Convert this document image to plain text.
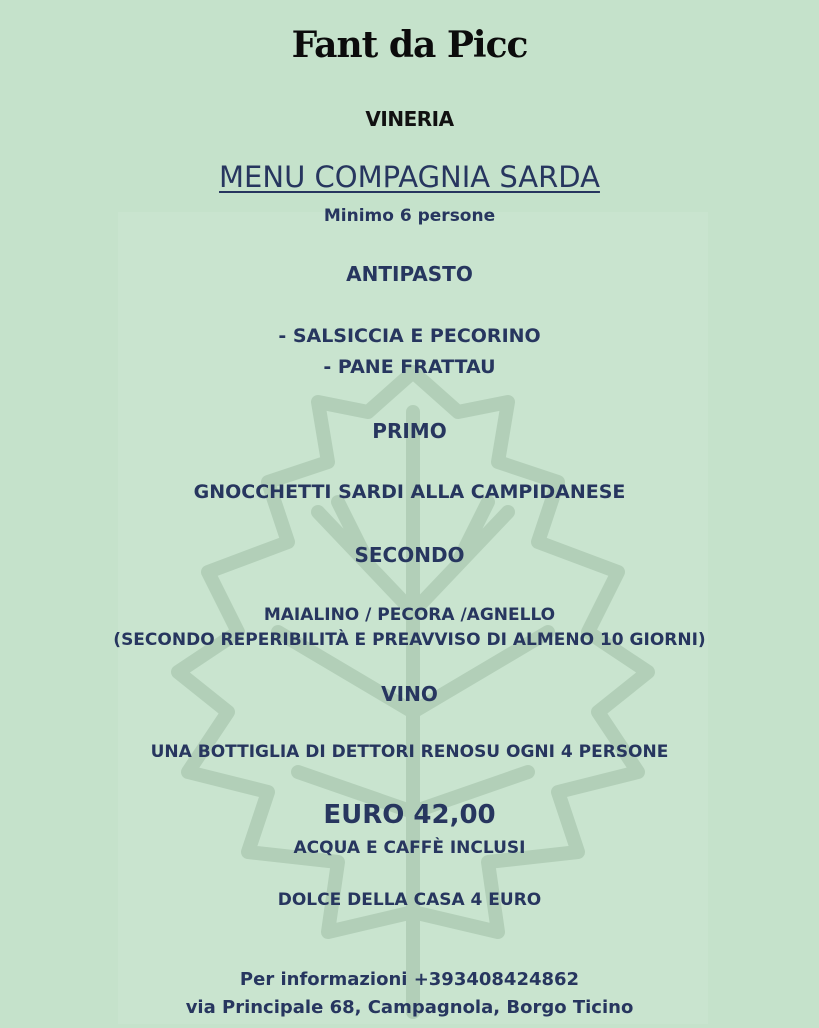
Fant da Picc
VINERIA
MENU COMPAGNIA SARDA
Minimo 6 persone
ANTIPASTO
- SALSICCIA E PECORINO
- PANE FRATTAU
PRIMO
GNOCCHETTI SARDI ALLA CAMPIDANESE
SECONDO
MAIALINO / PECORA /AGNELLO
(SECONDO REPERIBILITÀ E PREAVVISO DI ALMENO 10 GIORNI)
VINO
UNA BOTTIGLIA DI DETTORI RENOSU OGNI 4 PERSONE
EURO 42,00
ACQUA E CAFFÈ INCLUSI
DOLCE DELLA CASA 4 EURO
Per informazioni +393408424862
via Principale 68, Campagnola, Borgo Ticino
